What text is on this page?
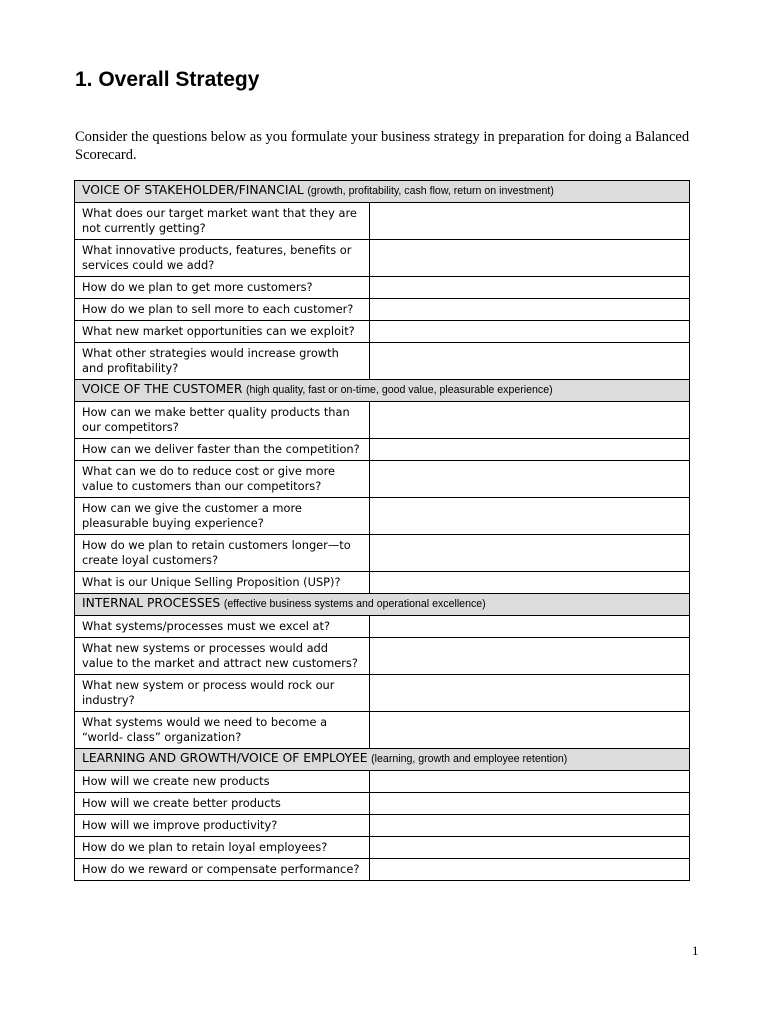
1. Overall Strategy

Consider the questions below as you formulate your business strategy in preparation for doing a Balanced Scorecard.

VOICE OF STAKEHOLDER/FINANCIAL (growth, profitability, cash flow, return on investment)	
What does our target market want that they are not currently getting?	
What innovative products, features, benefits or services could we add?	
How do we plan to get more customers?	
How do we plan to sell more to each customer?	
What new market opportunities can we exploit?	
What other strategies would increase growth and profitability?	
VOICE OF THE CUSTOMER (high quality, fast or on-time, good value, pleasurable experience)	
How can we make better quality products than our competitors?	
How can we deliver faster than the competition?	
What can we do to reduce cost or give more value to customers than our competitors?	
How can we give the customer a more pleasurable buying experience?	
How do we plan to retain customers longer—to create loyal customers?	
What is our Unique Selling Proposition (USP)?	
INTERNAL PROCESSES (effective business systems and operational excellence)	
What systems/processes must we excel at?	
What new systems or processes would add value to the market and attract new customers?	
What new system or process would rock our industry?	
What systems would we need to become a “world- class” organization?	
LEARNING AND GROWTH/VOICE OF EMPLOYEE (learning, growth and employee retention)	
How will we create new products	
How will we create better products	
How will we improve productivity?	
How do we plan to retain loyal employees?	
How do we reward or compensate performance?	
1
